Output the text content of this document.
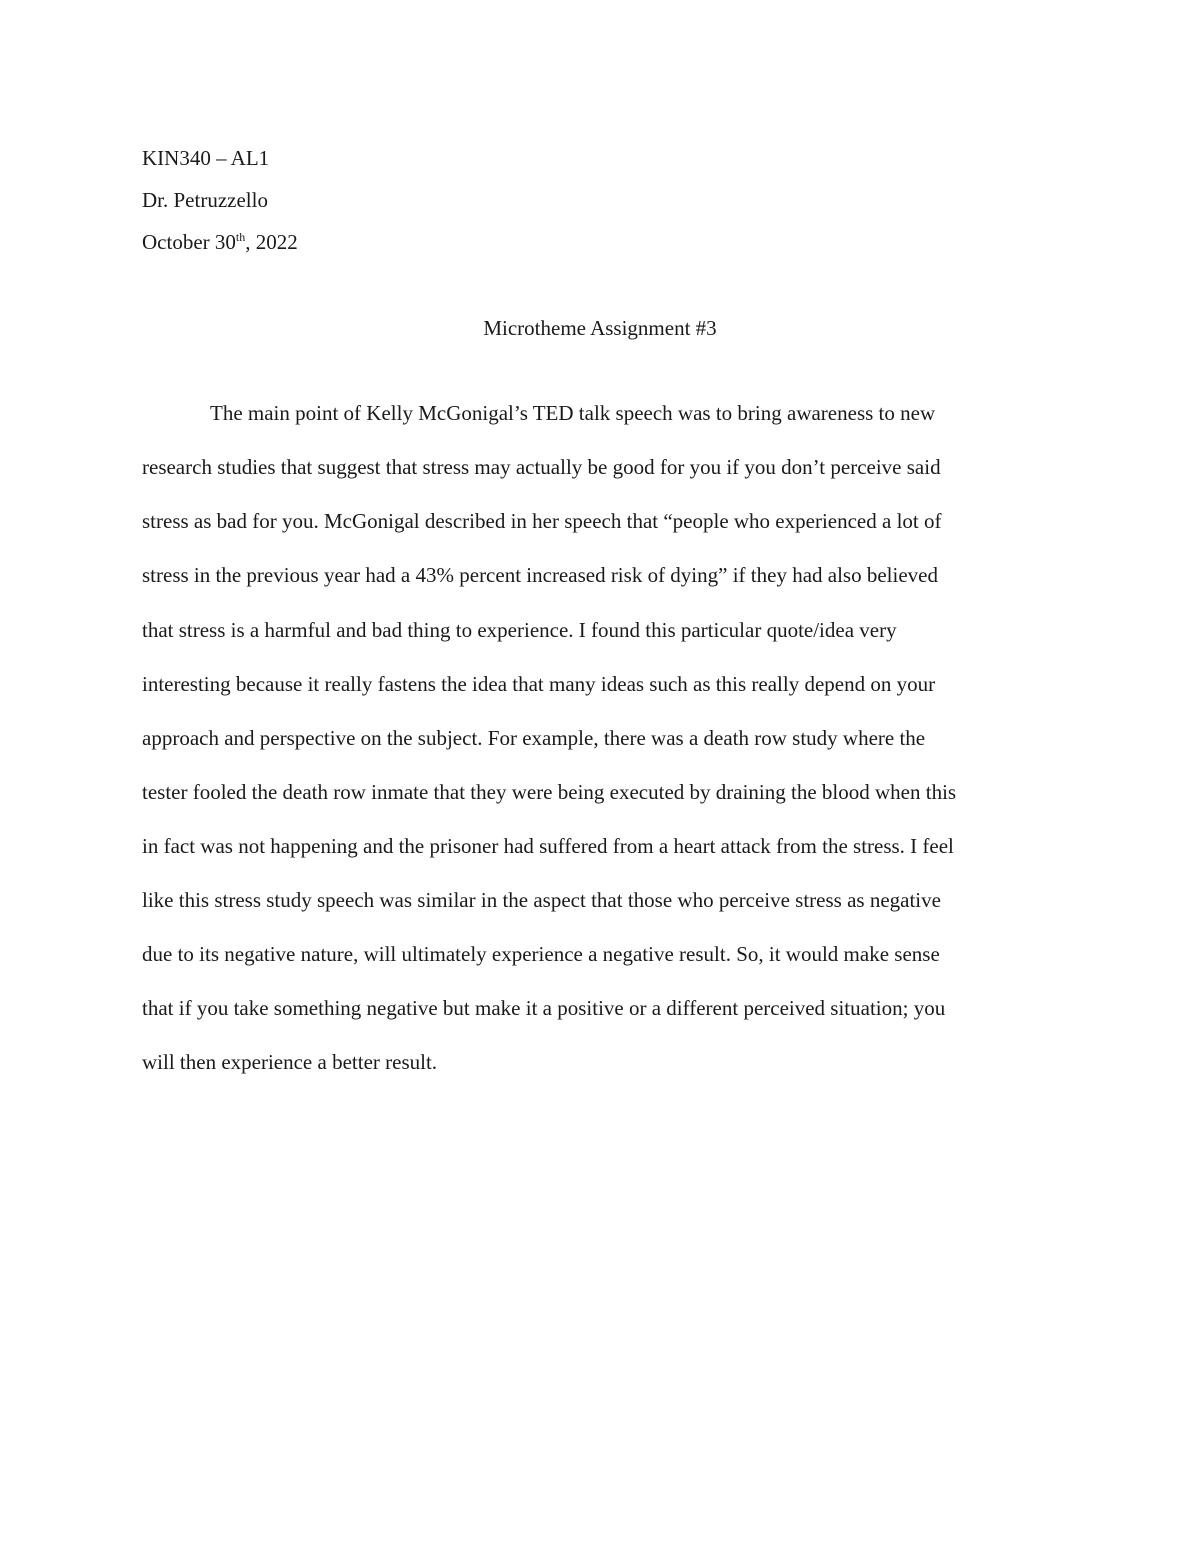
KIN340 – AL1
Dr. Petruzzello
October 30th, 2022
Microtheme Assignment #3
The main point of Kelly McGonigal’s TED talk speech was to bring awareness to new
research studies that suggest that stress may actually be good for you if you don’t perceive said
stress as bad for you. McGonigal described in her speech that “people who experienced a lot of
stress in the previous year had a 43% percent increased risk of dying” if they had also believed
that stress is a harmful and bad thing to experience. I found this particular quote/idea very
interesting because it really fastens the idea that many ideas such as this really depend on your
approach and perspective on the subject. For example, there was a death row study where the
tester fooled the death row inmate that they were being executed by draining the blood when this
in fact was not happening and the prisoner had suffered from a heart attack from the stress. I feel
like this stress study speech was similar in the aspect that those who perceive stress as negative
due to its negative nature, will ultimately experience a negative result. So, it would make sense
that if you take something negative but make it a positive or a different perceived situation; you
will then experience a better result.
